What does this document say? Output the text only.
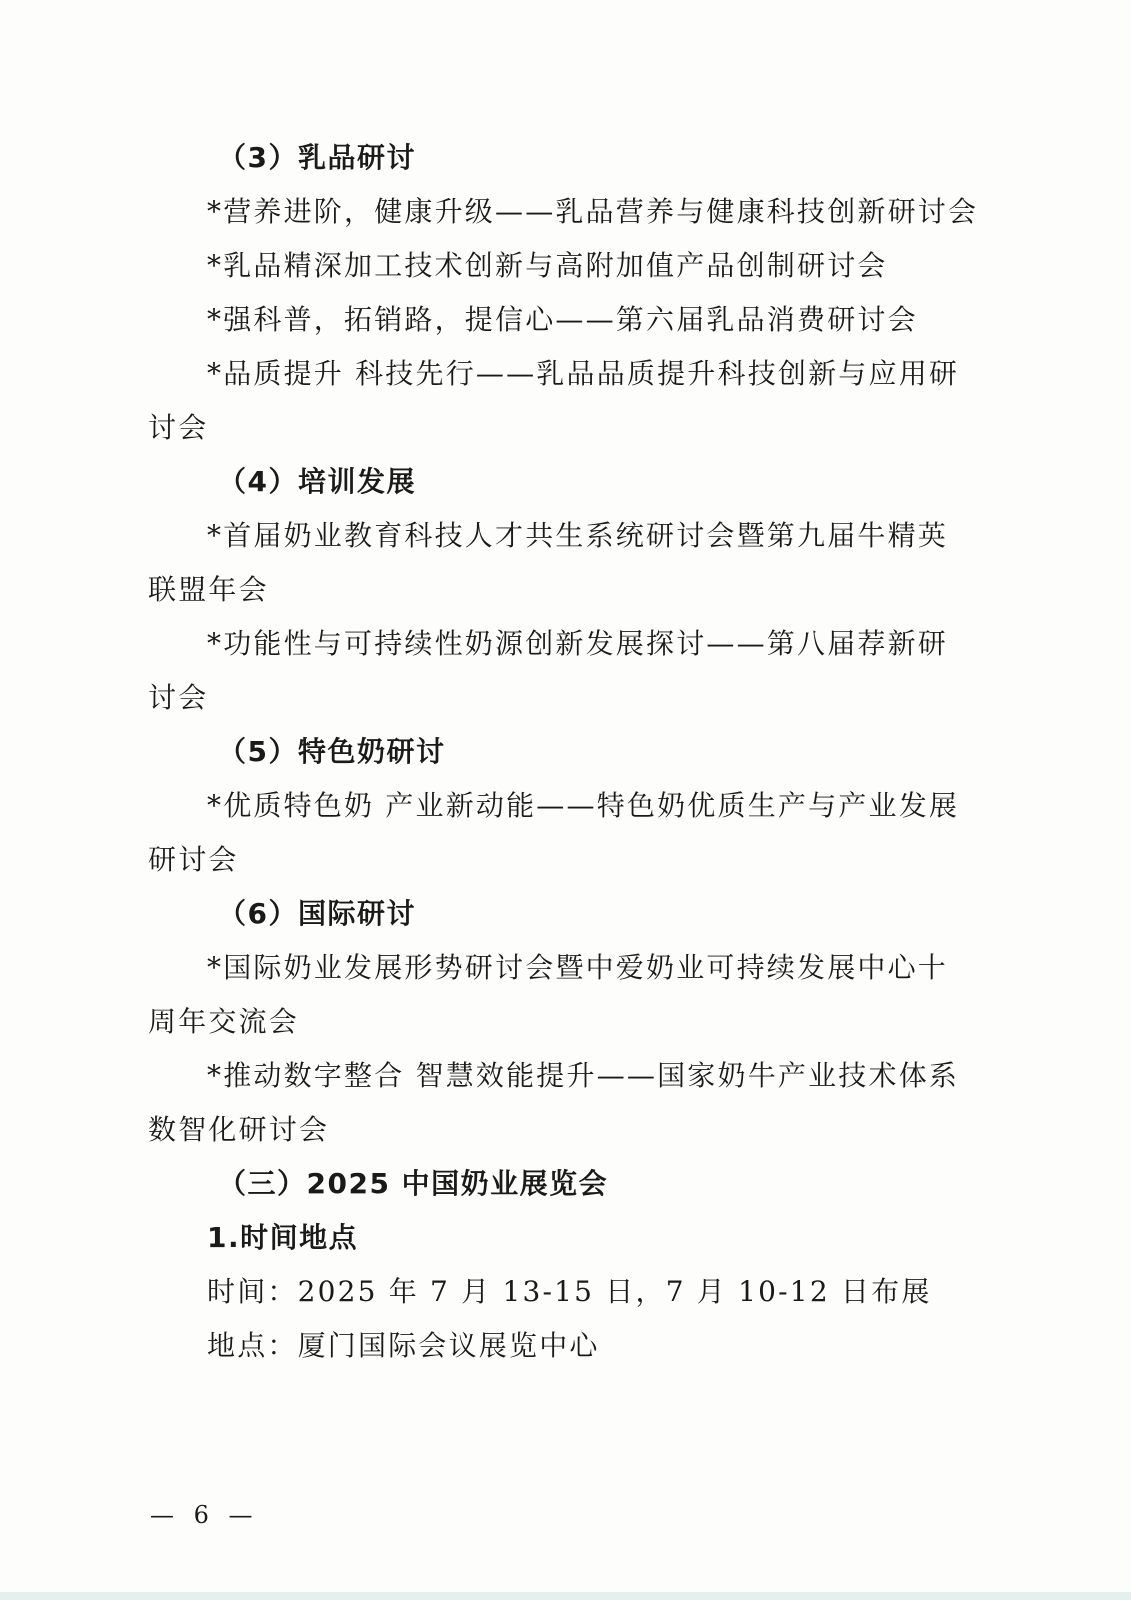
（3）乳品研讨
*营养进阶，健康升级——乳品营养与健康科技创新研讨会
*乳品精深加工技术创新与高附加值产品创制研讨会
*强科普，拓销路，提信心——第六届乳品消费研讨会
*品质提升 科技先行——乳品品质提升科技创新与应用研
讨会
（4）培训发展
*首届奶业教育科技人才共生系统研讨会暨第九届牛精英
联盟年会
*功能性与可持续性奶源创新发展探讨——第八届荐新研
讨会
（5）特色奶研讨
*优质特色奶 产业新动能——特色奶优质生产与产业发展
研讨会
（6）国际研讨
*国际奶业发展形势研讨会暨中爱奶业可持续发展中心十
周年交流会
*推动数字整合 智慧效能提升——国家奶牛产业技术体系
数智化研讨会
（三）2025 中国奶业展览会
1.时间地点
时间：2025 年 7 月 13-15 日，7 月 10-12 日布展
地点：厦门国际会议展览中心
— 6 —
